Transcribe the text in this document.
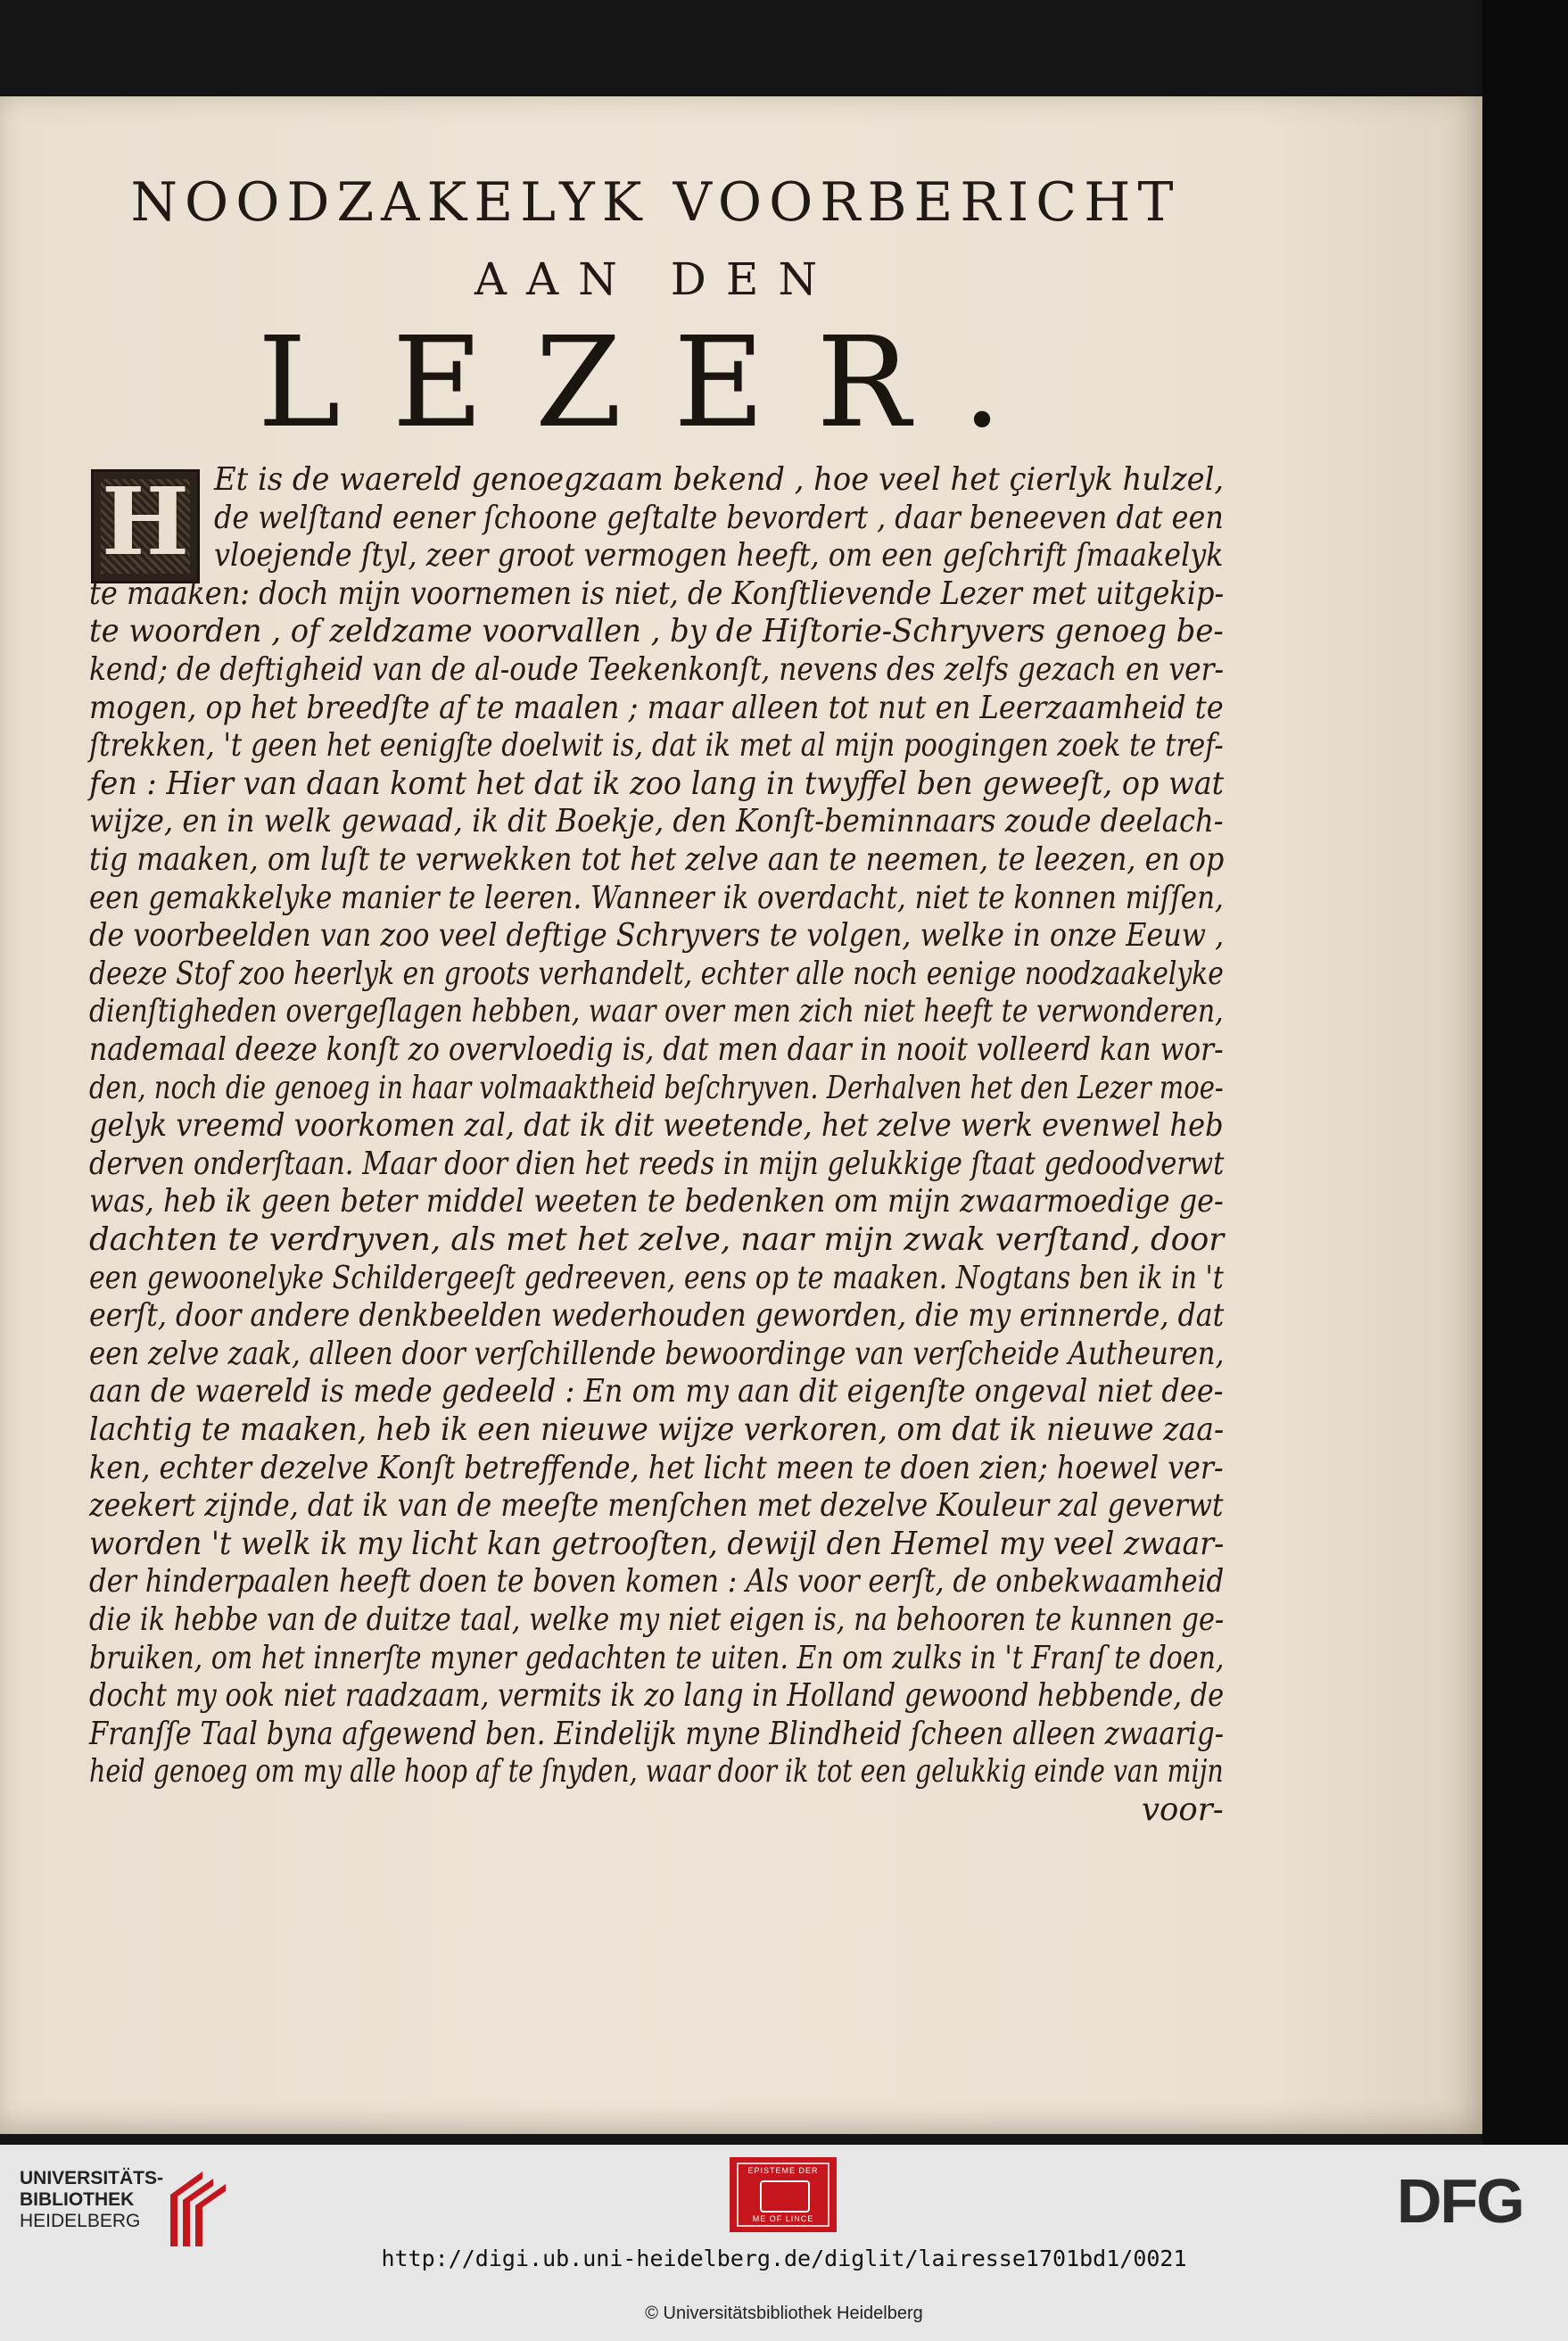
NOODZAKELYK VOORBERICHT
AAN DEN
LEZER.
H Et is de waereld genoegzaam bekend , hoe veel het çierlyk hulzel,
de welſtand eener ſchoone geſtalte bevordert , daar beneeven dat een
vloejende ſtyl, zeer groot vermogen heeft, om een geſchrift ſmaakelyk
te maaken: doch mijn voornemen is niet, de Konſtlievende Lezer met uitgekip-
te woorden , of zeldzame voorvallen , by de Hiſtorie-Schryvers genoeg be-
kend; de deftigheid van de al-oude Teekenkonſt, nevens des zelfs gezach en ver-
mogen, op het breedſte af te maalen ; maar alleen tot nut en Leerzaamheid te
ſtrekken, 't geen het eenigſte doelwit is, dat ik met al mijn poogingen zoek te tref-
fen : Hier van daan komt het dat ik zoo lang in twyffel ben geweeſt, op wat
wijze, en in welk gewaad, ik dit Boekje, den Konſt-beminnaars zoude deelach-
tig maaken, om luſt te verwekken tot het zelve aan te neemen, te leezen, en op
een gemakkelyke manier te leeren. Wanneer ik overdacht, niet te konnen miſſen,
de voorbeelden van zoo veel deftige Schryvers te volgen, welke in onze Eeuw ,
deeze Stof zoo heerlyk en groots verhandelt, echter alle noch eenige noodzaakelyke
dienſtigheden overgeſlagen hebben, waar over men zich niet heeft te verwonderen,
nademaal deeze konſt zo overvloedig is, dat men daar in nooit volleerd kan wor-
den, noch die genoeg in haar volmaaktheid beſchryven. Derhalven het den Lezer moe-
gelyk vreemd voorkomen zal, dat ik dit weetende, het zelve werk evenwel heb
derven onderſtaan. Maar door dien het reeds in mijn gelukkige ſtaat gedoodverwt
was, heb ik geen beter middel weeten te bedenken om mijn zwaarmoedige ge-
dachten te verdryven, als met het zelve, naar mijn zwak verſtand, door
een gewoonelyke Schildergeeſt gedreeven, eens op te maaken. Nogtans ben ik in 't
eerſt, door andere denkbeelden wederhouden geworden, die my erinnerde, dat
een zelve zaak, alleen door verſchillende bewoordinge van verſcheide Autheuren,
aan de waereld is mede gedeeld : En om my aan dit eigenſte ongeval niet dee-
lachtig te maaken, heb ik een nieuwe wijze verkoren, om dat ik nieuwe zaa-
ken, echter dezelve Konſt betreffende, het licht meen te doen zien; hoewel ver-
zeekert zijnde, dat ik van de meeſte menſchen met dezelve Kouleur zal geverwt
worden 't welk ik my licht kan getrooſten, dewijl den Hemel my veel zwaar-
der hinderpaalen heeft doen te boven komen : Als voor eerſt, de onbekwaamheid
die ik hebbe van de duitze taal, welke my niet eigen is, na behooren te kunnen ge-
bruiken, om het innerſte myner gedachten te uiten. En om zulks in 't Franſ te doen,
docht my ook niet raadzaam, vermits ik zo lang in Holland gewoond hebbende, de
Franſſe Taal byna afgewend ben. Eindelijk myne Blindheid ſcheen alleen zwaarig-
heid genoeg om my alle hoop af te ſnyden, waar door ik tot een gelukkig einde van mijn
voor-
UNIVERSITÄTS-
BIBLIOTHEK
HEIDELBERG
EPISTEME DER
ME OF LINCE	DFG
http://digi.ub.uni-heidelberg.de/diglit/lairesse1701bd1/0021
© Universitätsbibliothek Heidelberg
